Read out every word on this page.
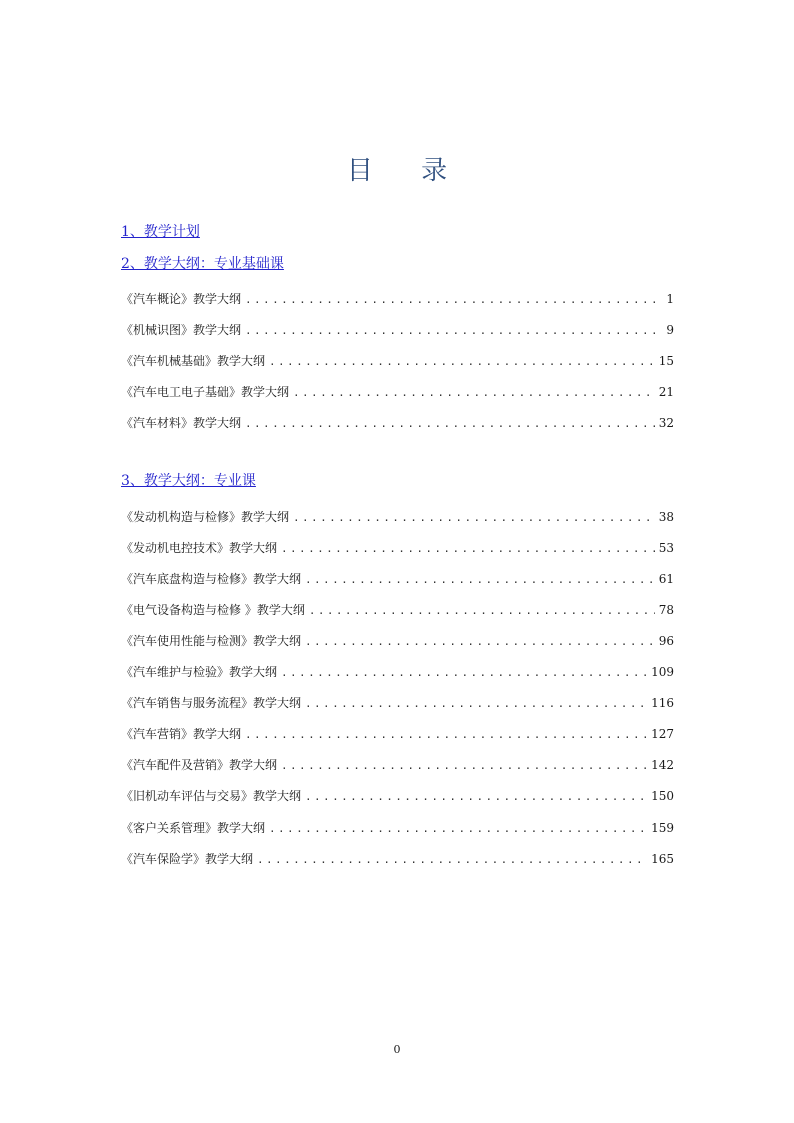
目 录
1、教学计划
2、教学大纲：专业基础课
《汽车概论》教学大纲 .....	1
《机械识图》教学大纲 .....	9
《汽车机械基础》教学大纲 .....	15
《汽车电工电子基础》教学大纲 .....	21
《汽车材料》教学大纲 .....	32
3、教学大纲：专业课
《发动机构造与检修》教学大纲 .....	38
《发动机电控技术》教学大纲 .....	53
《汽车底盘构造与检修》教学大纲 .....	61
《电气设备构造与检修 》教学大纲 .....	78
《汽车使用性能与检测》教学大纲 .....	96
《汽车维护与检验》教学大纲 .....	109
《汽车销售与服务流程》教学大纲 .....	116
《汽车营销》教学大纲 .....	127
《汽车配件及营销》教学大纲 .....	142
《旧机动车评估与交易》教学大纲 .....	150
《客户关系管理》教学大纲 .....	159
《汽车保险学》教学大纲 .....	165
0
